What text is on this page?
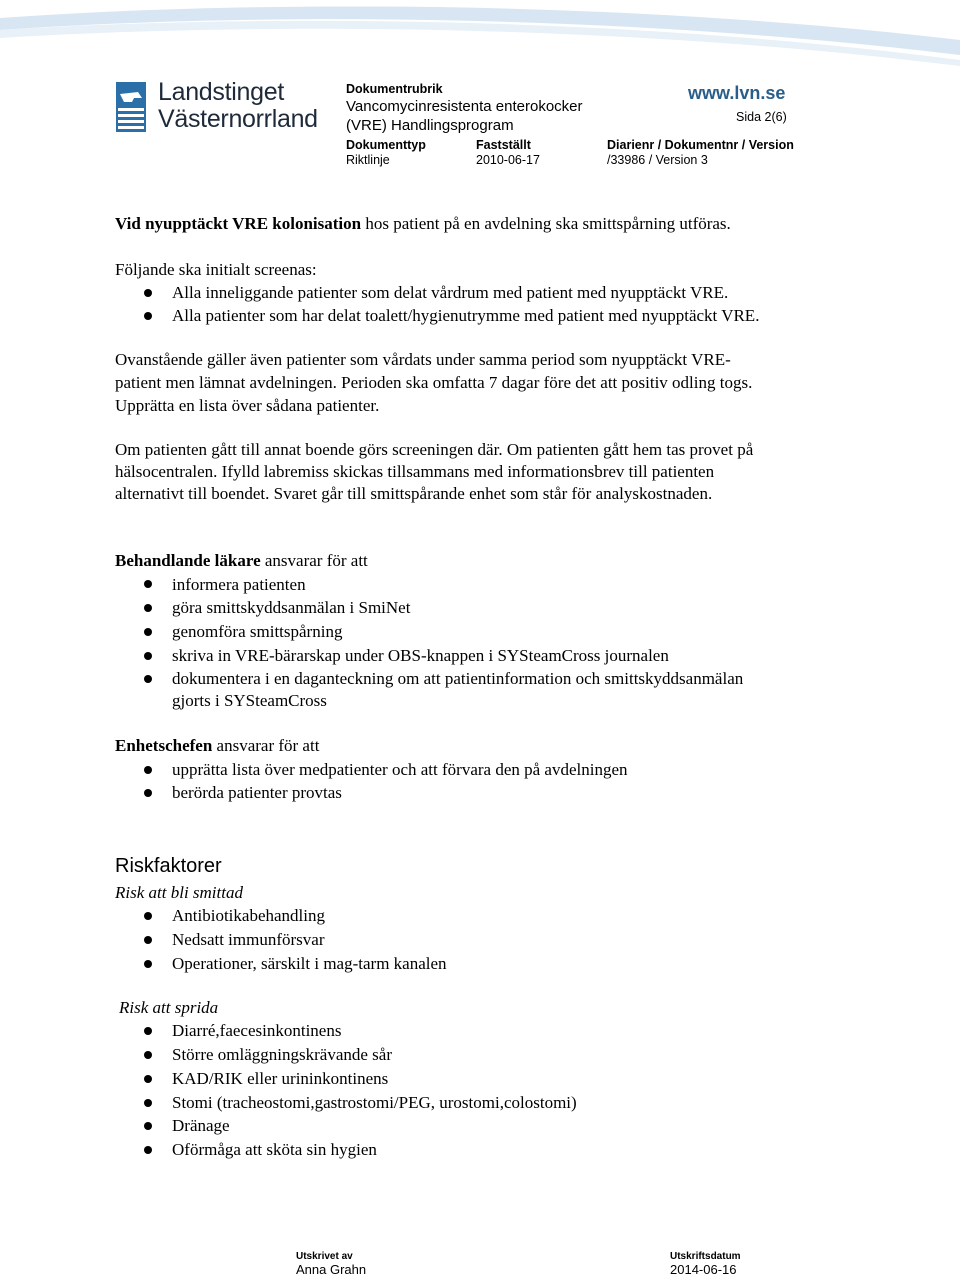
Landstinget
Västernorrland
Dokumentrubrik
Vancomycinresistenta enterokocker
(VRE) Handlingsprogram
Dokumenttyp
Riktlinje
Fastställt
2010-06-17
Diarienr / Dokumentnr / Version
/33986 / Version 3
www.lvn.se
Sida 2(6)
Vid nyupptäckt VRE kolonisation hos patient på en avdelning ska smittspårning utföras.
Följande ska initialt screenas:
Alla inneliggande patienter som delat vårdrum med patient med nyupptäckt VRE.
Alla patienter som har delat toalett/hygienutrymme med patient med nyupptäckt VRE.
Ovanstående gäller även patienter som vårdats under samma period som nyupptäckt VRE-
patient men lämnat avdelningen. Perioden ska omfatta 7 dagar före det att positiv odling togs.
Upprätta en lista över sådana patienter.
Om patienten gått till annat boende görs screeningen där. Om patienten gått hem tas provet på
hälsocentralen. Ifylld labremiss skickas tillsammans med informationsbrev till patienten
alternativt till boendet. Svaret går till smittspårande enhet som står för analyskostnaden.
Behandlande läkare ansvarar för att
informera patienten
göra smittskyddsanmälan i SmiNet
genomföra smittspårning
skriva in VRE-bärarskap under OBS-knappen i SYSteamCross journalen
dokumentera i en daganteckning om att patientinformation och smittskyddsanmälan
gjorts i SYSteamCross
Enhetschefen ansvarar för att
upprätta lista över medpatienter och att förvara den på avdelningen
berörda patienter provtas
Riskfaktorer
Risk att bli smittad
Antibiotikabehandling
Nedsatt immunförsvar
Operationer, särskilt i mag-tarm kanalen
Risk att sprida
Diarré,faecesinkontinens
Större omläggningskrävande sår
KAD/RIK eller urininkontinens
Stomi (tracheostomi,gastrostomi/PEG, urostomi,colostomi)
Dränage
Oförmåga att sköta sin hygien
Utskrivet av
Anna Grahn
Utskriftsdatum
2014-06-16
